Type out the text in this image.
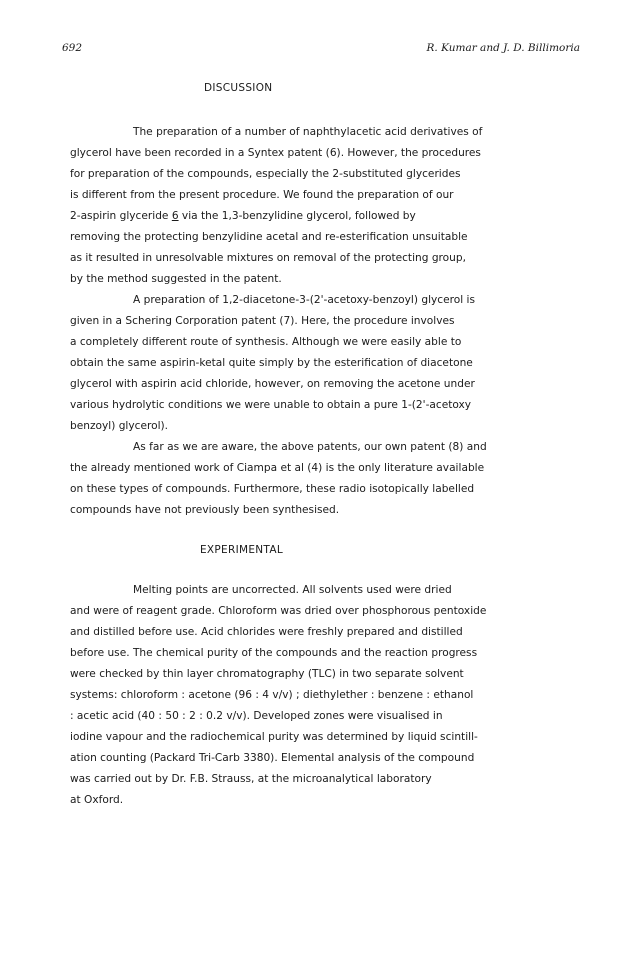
692	R. Kumar and J. D. Billimoria
DISCUSSION

The preparation of a number of naphthylacetic acid derivatives of

glycerol have been recorded in a Syntex patent (6). However, the procedures

for preparation of the compounds, especially the 2-substituted glycerides

is different from the present procedure. We found the preparation of our

2-aspirin glyceride 6 via the 1,3-benzylidine glycerol, followed by

removing the protecting benzylidine acetal and re-esterification unsuitable

as it resulted in unresolvable mixtures on removal of the protecting group,

by the method suggested in the patent.

A preparation of 1,2-diacetone-3-(2'-acetoxy-benzoyl) glycerol is

given in a Schering Corporation patent (7). Here, the procedure involves

a completely different route of synthesis. Although we were easily able to

obtain the same aspirin-ketal quite simply by the esterification of diacetone

glycerol with aspirin acid chloride, however, on removing the acetone under

various hydrolytic conditions we were unable to obtain a pure 1-(2'-acetoxy

benzoyl) glycerol).

As far as we are aware, the above patents, our own patent (8) and

the already mentioned work of Ciampa et al (4) is the only literature available

on these types of compounds. Furthermore, these radio isotopically labelled

compounds have not previously been synthesised.

EXPERIMENTAL

Melting points are uncorrected. All solvents used were dried

and were of reagent grade. Chloroform was dried over phosphorous pentoxide

and distilled before use. Acid chlorides were freshly prepared and distilled

before use. The chemical purity of the compounds and the reaction progress

were checked by thin layer chromatography (TLC) in two separate solvent

systems: chloroform : acetone (96 : 4 v/v) ; diethylether : benzene : ethanol

: acetic acid (40 : 50 : 2 : 0.2 v/v). Developed zones were visualised in

iodine vapour and the radiochemical purity was determined by liquid scintill-

ation counting (Packard Tri-Carb 3380). Elemental analysis of the compound

was carried out by Dr. F.B. Strauss, at the microanalytical laboratory

at Oxford.
